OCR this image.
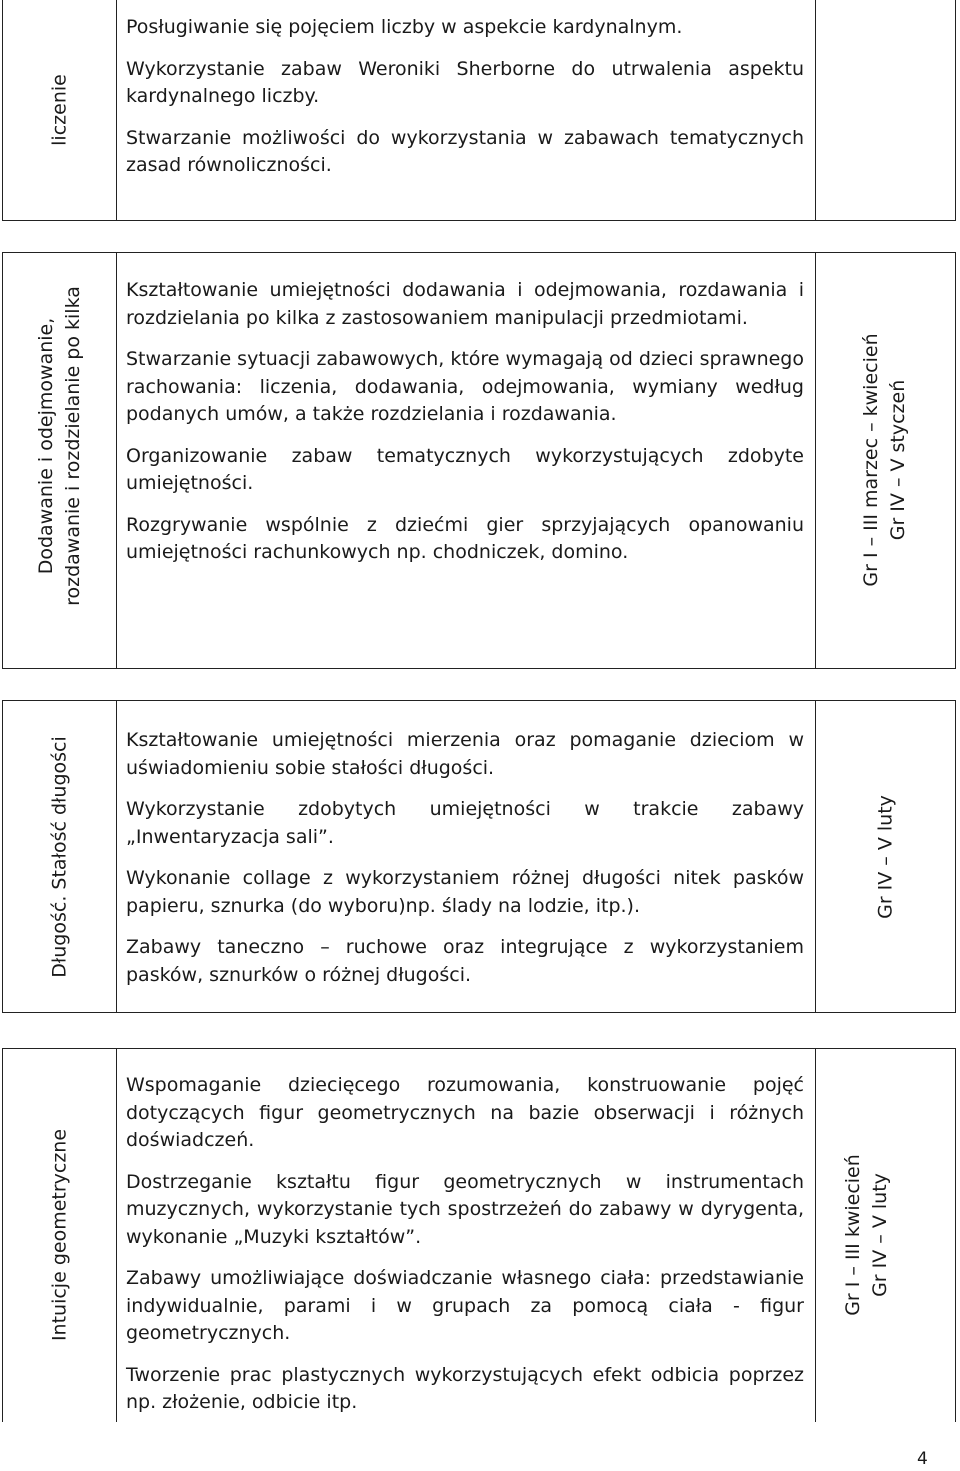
liczenie

Posługiwanie się pojęciem liczby w aspekcie kardynalnym.

Wykorzystanie zabaw Weroniki Sherborne do utrwalenia aspektu kardynalnego liczby.

Stwarzanie możliwości do wykorzystania w zabawach tematycznych zasad równoliczności.

Dodawanie i odejmowanie, rozdawanie i rozdzielanie po kilka Kształtowanie umiejętności dodawania i odejmowania, rozdawania i rozdzielania po kilka z zastosowaniem manipulacji przedmiotami.

Stwarzanie sytuacji zabawowych, które wymagają od dzieci sprawnego rachowania: liczenia, dodawania, odejmowania, wymiany według podanych umów, a także rozdzielania i rozdawania.

Organizowanie zabaw tematycznych wykorzystujących zdobyte umiejętności.

Rozgrywanie wspólnie z dziećmi gier sprzyjających opanowaniu umiejętności rachunkowych np. chodniczek, domino.	Gr I – III marzec – kwiecień Gr IV – V styczeń
Długość. Stałość długości	Kształtowanie umiejętności mierzenia oraz pomaganie dzieciom w uświadomieniu sobie stałości długości.

Wykorzystanie zdobytych umiejętności w trakcie zabawy „Inwentaryzacja sali”.

Wykonanie collage z wykorzystaniem różnej długości nitek pasków papieru, sznurka (do wyboru)np. ślady na lodzie, itp.).

Zabawy taneczno – ruchowe oraz integrujące z wykorzystaniem pasków, sznurków o różnej długości.

Gr IV – V luty
Intuicje geometryczne

Wspomaganie dziecięcego rozumowania, konstruowanie pojęć dotyczących figur geometrycznych na bazie obserwacji i różnych doświadczeń.

Dostrzeganie kształtu figur geometrycznych w instrumentach muzycznych, wykorzystanie tych spostrzeżeń do zabawy w dyrygenta, wykonanie „Muzyki kształtów”.

Zabawy umożliwiające doświadczanie własnego ciała: przedstawianie indywidualnie, parami i w grupach za pomocą ciała - figur geometrycznych.

Tworzenie prac plastycznych wykorzystujących efekt odbicia poprzez np. złożenie, odbicie itp.

Gr I – III kwiecień Gr IV – V luty
4
